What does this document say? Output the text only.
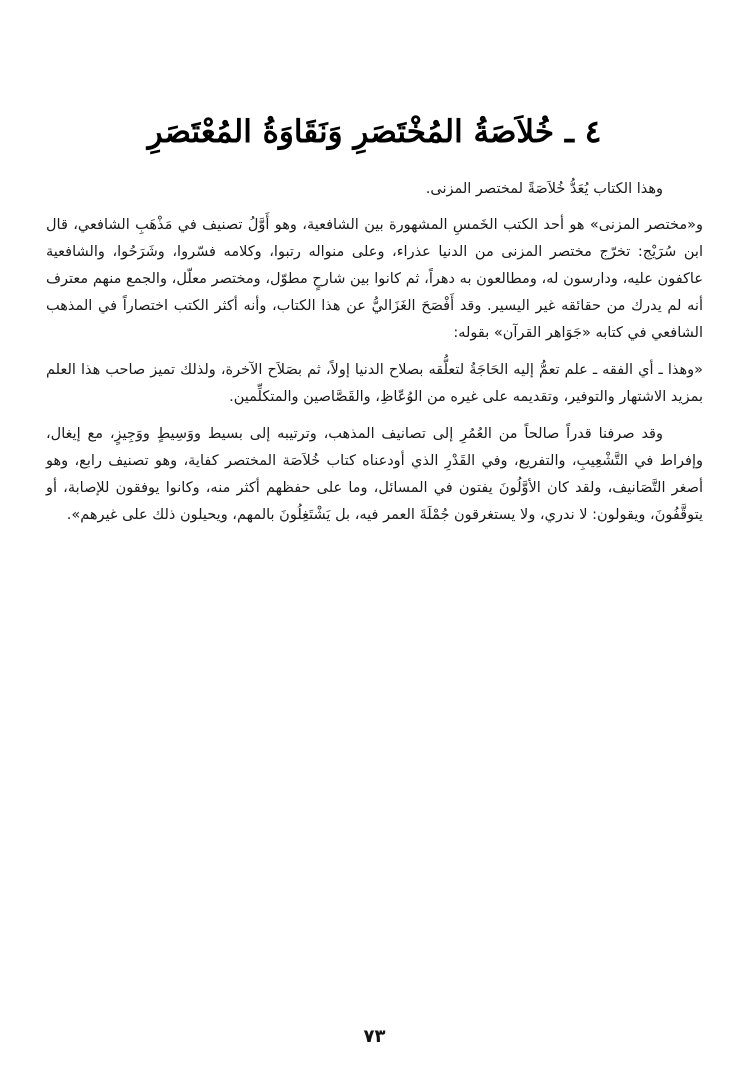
٤ ـ خُلاَصَةُ المُخْتَصَرِ وَنَقَاوَةُ المُعْتَصَرِ

وهذا الكتاب يُعَدُّ خُلاَصَةً لمختصر المزنى.

و«مختصر المزنى» هو أحد الكتب الخَمسِ المشهورة بين الشافعية، وهو أَوَّلُ تصنيف في مَذْهَبِ الشافعي، قال ابن سُرَيْج: تخرّج مختصر المزنى من الدنيا عذراء، وعلى منواله رتبوا، وكلامه فسّروا، وشَرَحُوا، والشافعية عاكفون عليه، ودارسون له، ومطالعون به دهراً، ثم كانوا بين شارحٍ مطوّل، ومختصر معلّل، والجمع منهم معترف أنه لم يدرك من حقائقه غير اليسير. وقد أَفْصَحَ الغَزَاليُّ عن هذا الكتاب، وأنه أكثر الكتب اختصاراً في المذهب الشافعي في كتابه «جَوَاهر القرآن» بقوله:

«وهذا ـ أي الفقه ـ علم تعمُّ إليه الحَاجَةُ لتعلُّقه بصلاح الدنيا إولاً، ثم بصَلاَح الآخرة، ولذلك تميز صاحب هذا العلم بمزيد الاشتهار والتوفير، وتقديمه على غيره من الوُعّاظِ، والقَصَّاصين والمتكلِّمين.

وقد صرفنا قدراً صالحاً من العُمُرِ إلى تصانيف المذهب، وترتيبه إلى بسيط ووَسِيطٍ ووَجِيزٍ، مع إيغال، وإفراط في التَّشْعِيبِ، والتفريع، وفي القَدْرِ الذي أودعناه كتاب خُلاَصَة المختصر كفاية، وهو تصنيف رابع، وهو أصغر التَّصَانيف، ولقد كان الأوَّلُونَ يفتون في المسائل، وما على حفظهم أكثر منه، وكانوا يوفقون للإصابة، أو يتوقَّفُونَ، ويقولون: لا ندري، ولا يستغرقون جُمْلَةَ العمر فيه، بل يَشْتَغِلُونَ بالمهم، ويحيلون ذلك على غيرهم».

٧٣
